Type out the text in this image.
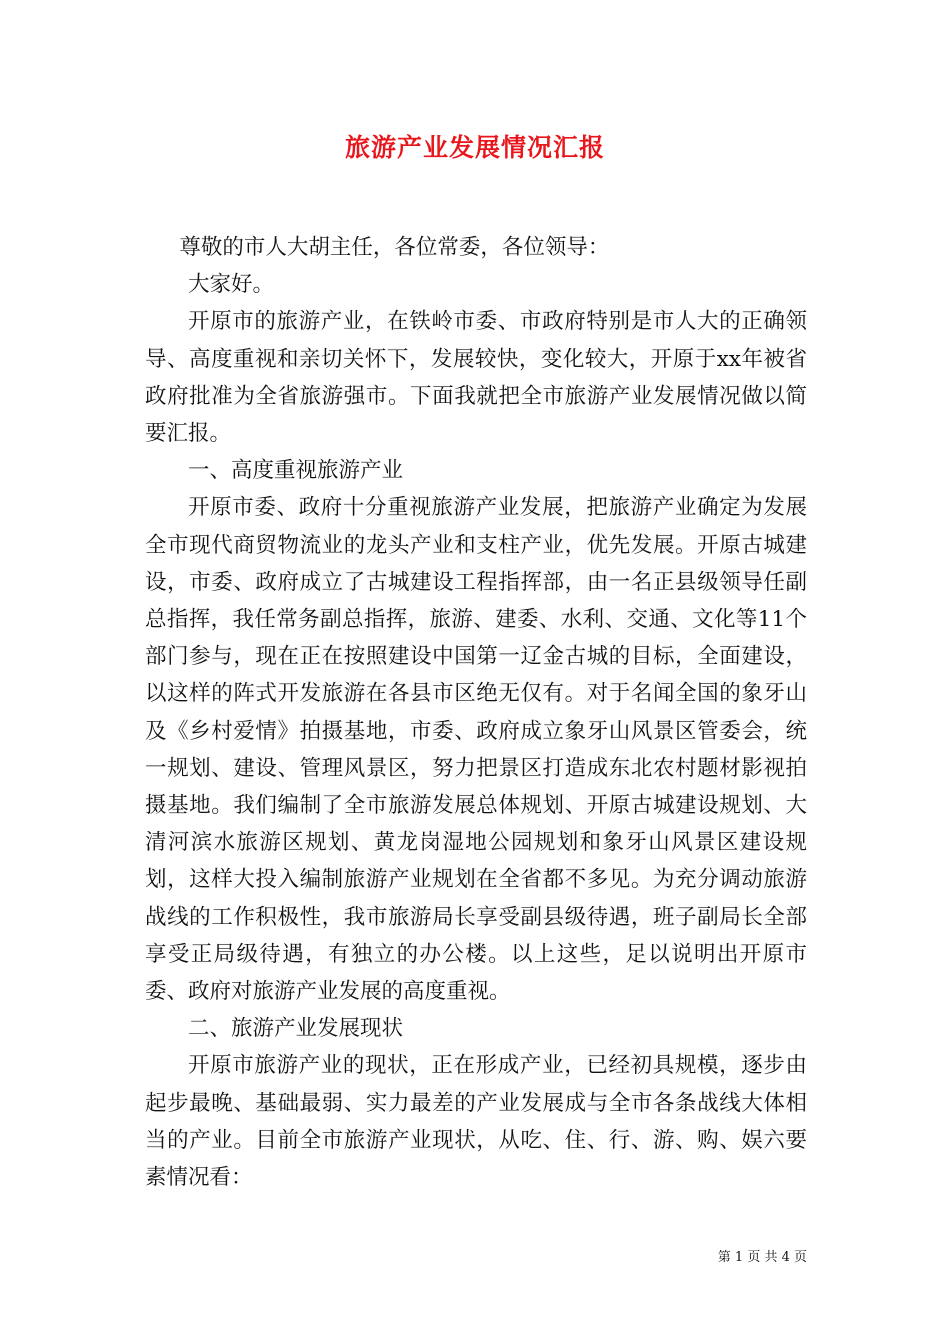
旅游产业发展情况汇报

尊敬的市人大胡主任，各位常委，各位领导：

大家好。

开原市的旅游产业，在铁岭市委、市政府特别是市人大的正确领导、高度重视和亲切关怀下，发展较快，变化较大，开原于xx年被省政府批准为全省旅游强市。下面我就把全市旅游产业发展情况做以简要汇报。

一、高度重视旅游产业

开原市委、政府十分重视旅游产业发展，把旅游产业确定为发展全市现代商贸物流业的龙头产业和支柱产业，优先发展。开原古城建设，市委、政府成立了古城建设工程指挥部，由一名正县级领导任副总指挥，我任常务副总指挥，旅游、建委、水利、交通、文化等11个部门参与，现在正在按照建设中国第一辽金古城的目标，全面建设，以这样的阵式开发旅游在各县市区绝无仅有。对于名闻全国的象牙山及《乡村爱情》拍摄基地，市委、政府成立象牙山风景区管委会，统一规划、建设、管理风景区，努力把景区打造成东北农村题材影视拍摄基地。我们编制了全市旅游发展总体规划、开原古城建设规划、大清河滨水旅游区规划、黄龙岗湿地公园规划和象牙山风景区建设规划，这样大投入编制旅游产业规划在全省都不多见。为充分调动旅游战线的工作积极性，我市旅游局长享受副县级待遇，班子副局长全部享受正局级待遇，有独立的办公楼。以上这些，足以说明出开原市委、政府对旅游产业发展的高度重视。

二、旅游产业发展现状

开原市旅游产业的现状，正在形成产业，已经初具规模，逐步由起步最晚、基础最弱、实力最差的产业发展成与全市各条战线大体相当的产业。目前全市旅游产业现状，从吃、住、行、游、购、娱六要素情况看：

第 1 页 共 4 页
